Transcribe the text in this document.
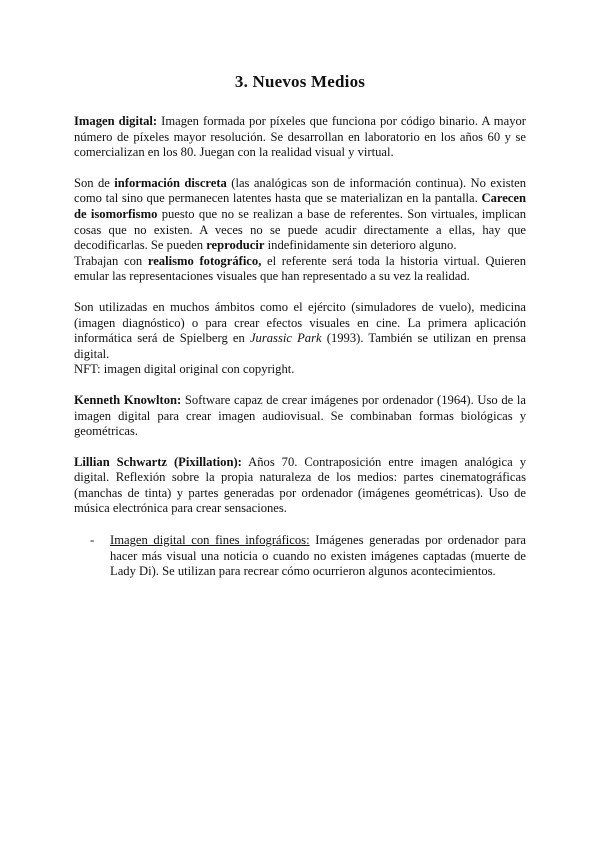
3. Nuevos Medios

Imagen digital: Imagen formada por píxeles que funciona por código binario. A mayor número de píxeles mayor resolución. Se desarrollan en laboratorio en los años 60 y se comercializan en los 80. Juegan con la realidad visual y virtual.

Son de información discreta (las analógicas son de información continua). No existen como tal sino que permanecen latentes hasta que se materializan en la pantalla. Carecen de isomorfismo puesto que no se realizan a base de referentes. Son virtuales, implican cosas que no existen. A veces no se puede acudir directamente a ellas, hay que decodificarlas. Se pueden reproducir indefinidamente sin deterioro alguno.

Trabajan con realismo fotográfico, el referente será toda la historia virtual. Quieren emular las representaciones visuales que han representado a su vez la realidad.

Son utilizadas en muchos ámbitos como el ejército (simuladores de vuelo), medicina (imagen diagnóstico) o para crear efectos visuales en cine. La primera aplicación informática será de Spielberg en Jurassic Park (1993). También se utilizan en prensa digital.

NFT: imagen digital original con copyright.

Kenneth Knowlton: Software capaz de crear imágenes por ordenador (1964). Uso de la imagen digital para crear imagen audiovisual. Se combinaban formas biológicas y geométricas.

Lillian Schwartz (Pixillation): Años 70. Contraposición entre imagen analógica y digital. Reflexión sobre la propia naturaleza de los medios: partes cinematográficas (manchas de tinta) y partes generadas por ordenador (imágenes geométricas). Uso de música electrónica para crear sensaciones.

- Imagen digital con fines infográficos: Imágenes generadas por ordenador para hacer más visual una noticia o cuando no existen imágenes captadas (muerte de Lady Di). Se utilizan para recrear cómo ocurrieron algunos acontecimientos.
